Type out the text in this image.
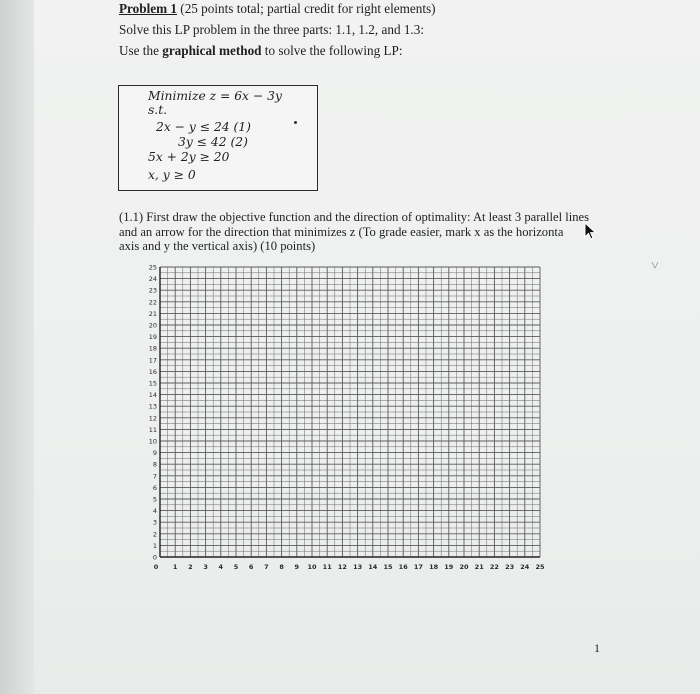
Problem 1 (25 points total; partial credit for right elements)
Solve this LP problem in the three parts: 1.1, 1.2, and 1.3:
Use the graphical method to solve the following LP:
Minimize z = 6x − 3y
s.t.
2x − y ≤ 24 (1)
3y ≤ 42 (2)
5x + 2y ≥ 20
x, y ≥ 0
(1.1) First draw the objective function and the direction of optimality: At least 3 parallel lines
and an arrow for the direction that minimizes z (To grade easier, mark x as the horizonta
axis and y the vertical axis) (10 points)
0 1 2 3 4 5 6 7 8 9 10 11 12 13 14 15 16 17 18 19 20 21 22 23 24 25
0
1
2
3
4
5
6
7
8
9
10
11
12
13
14
15
16
17
18
19
20
21
22
23
24
25	˅
1
